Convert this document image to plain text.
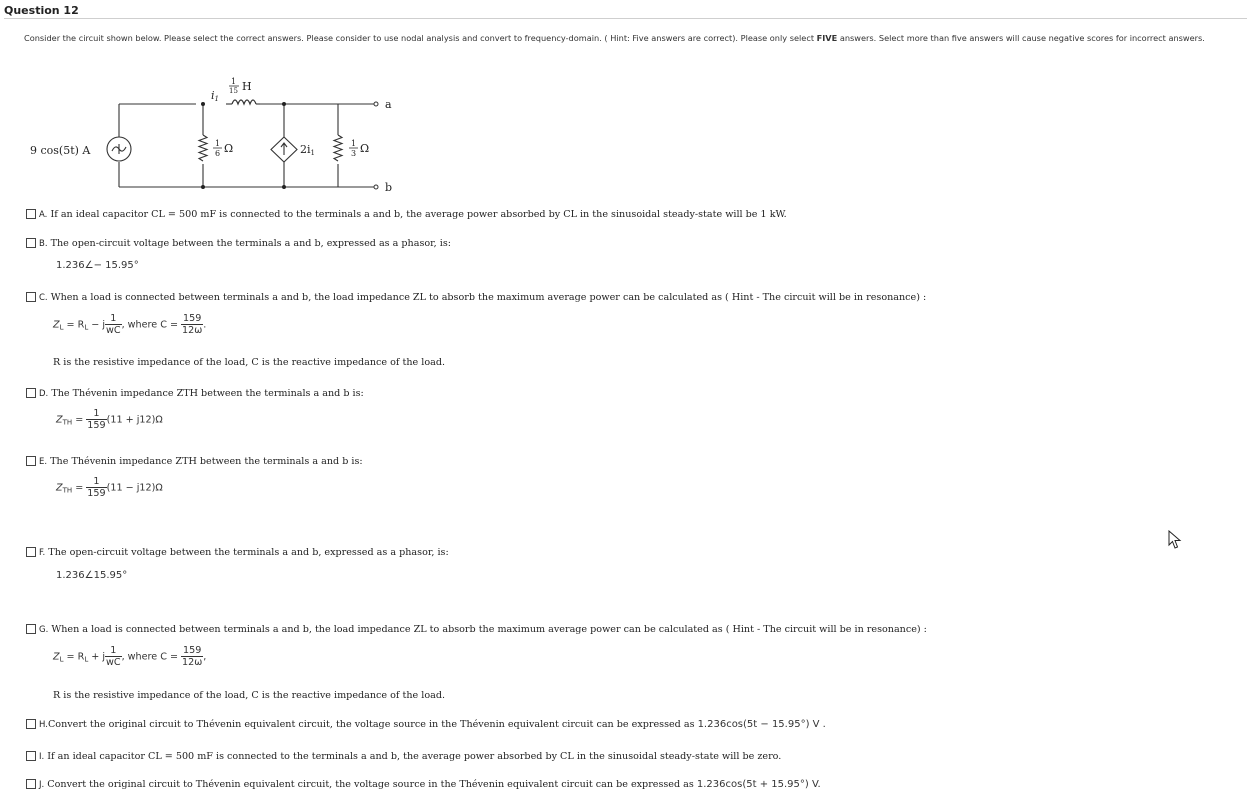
Question 12
Consider the circuit shown below. Please select the correct answers. Please consider to use nodal analysis and convert to frequency-domain. ( Hint: Five answers are correct). Please only select FIVE answers. Select more than five answers will cause negative scores for incorrect answers.
9 cos(5t) A
i1
1
15 H
1
6 Ω	2i1
1
3 Ω
a
b
A. If an ideal capacitor C⁠L = 500 mF is connected to the terminals a and b, the average power absorbed by C⁠L in the sinusoidal steady-state will be 1 kW.
B. The open-circuit voltage between the terminals a and b, expressed as a phasor, is:
1.236∠− 15.95°
C. When a load is connected between terminals a and b, the load impedance ZL to absorb the maximum average power can be calculated as ( Hint - The circuit will be in resonance) :
$Z_L = R_L - j \frac{1}{wC}$ , where $C = \frac{159}{12\omega}$ .
R is the resistive impedance of the load, C is the reactive impedance of the load.
D. The Thévenin impedance ZTH between the terminals a and b is:
$Z_{TH} = \frac{1}{159} (11 + j12)\Omega$
E. The Thévenin impedance ZTH between the terminals a and b is:
$Z_{TH} = \frac{1}{159} (11 - j12)\Omega$
F. The open-circuit voltage between the terminals a and b, expressed as a phasor, is:
1.236∠15.95°
G. When a load is connected between terminals a and b, the load impedance ZL to absorb the maximum average power can be calculated as ( Hint - The circuit will be in resonance) :
$Z_L = R_L + j \frac{1}{wC}$ , where $C = \frac{159}{12\omega}$ ,
R is the resistive impedance of the load, C is the reactive impedance of the load.
H.Convert the original circuit to Thévenin equivalent circuit, the voltage source in the Thévenin equivalent circuit can be expressed as 1.236cos(5t − 15.95°) V .
I. If an ideal capacitor CL = 500 mF is connected to the terminals a and b, the average power absorbed by CL in the sinusoidal steady-state will be zero.
J. Convert the original circuit to Thévenin equivalent circuit, the voltage source in the Thévenin equivalent circuit can be expressed as 1.236cos(5t + 15.95°) V.
